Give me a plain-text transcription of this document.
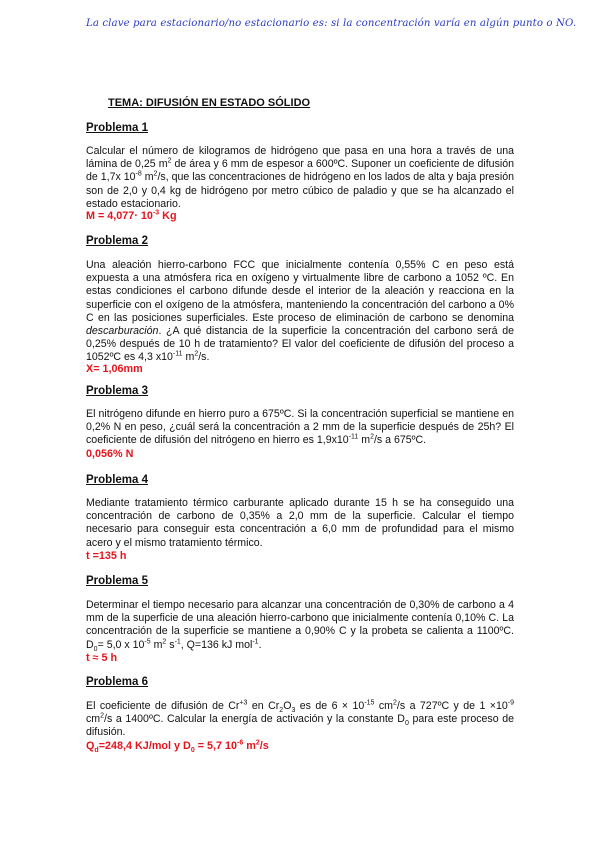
La clave para estacionario/no estacionario es: si la concentración varía en algún punto o NO.
TEMA: DIFUSIÓN EN ESTADO SÓLIDO
Problema 1
Calcular el número de kilogramos de hidrógeno que pasa en una hora a través de una lámina de 0,25 $m^2$ de área y 6 mm de espesor a 600ºC. Suponer un coeficiente de difusión de 1,7x $10^{-8}$ $m^2/s$, que las concentraciones de hidrógeno en los lados de alta y baja presión son de 2,0 y 0,4 kg de hidrógeno por metro cúbico de paladio y que se ha alcanzado el estado estacionario.
$M = 4,077\cdot 10^{-3}$ Kg
Problema 2
Una aleación hierro-carbono FCC que inicialmente contenía 0,55% C en peso está expuesta a una atmósfera rica en oxígeno y virtualmente libre de carbono a 1052 ºC. En estas condiciones el carbono difunde desde el interior de la aleación y reacciona en la superficie con el oxígeno de la atmósfera, manteniendo la concentración del carbono a 0% C en las posiciones superficiales. Este proceso de eliminación de carbono se denomina descarburación. ¿A qué distancia de la superficie la concentración del carbono será de 0,25% después de 10 h de tratamiento? El valor del coeficiente de difusión del proceso a 1052ºC es 4,3 $x10^{-11}$ $m^2/s$.
X= 1,06mm
Problema 3
El nitrógeno difunde en hierro puro a 675ºC. Si la concentración superficial se mantiene en 0,2% N en peso, ¿cuál será la concentración a 2 mm de la superficie después de 25h? El coeficiente de difusión del nitrógeno en hierro es $1,9x10^{-11}$ $m^2/s$ a 675ºC.
0,056% N
Problema 4
Mediante tratamiento térmico carburante aplicado durante 15 h se ha conseguido una concentración de carbono de 0,35% a 2,0 mm de la superficie. Calcular el tiempo necesario para conseguir esta concentración a 6,0 mm de profundidad para el mismo acero y el mismo tratamiento térmico.
t =135 h
Problema 5
Determinar el tiempo necesario para alcanzar una concentración de 0,30% de carbono a 4 mm de la superficie de una aleación hierro-carbono que inicialmente contenía 0,10% C. La concentración de la superficie se mantiene a 0,90% C y la probeta se calienta a 1100ºC. $D_0= 5,0$ x $10^{-5}$ $m^2$ $s^{-1}$, Q=136 kJ mol$^{-1}$.
t ≈ 5 h
Problema 6
El coeficiente de difusión de $Cr^{+3}$ en $Cr_2O_3$ es de $6 \times 10^{-15}$ $cm^2/s$ a 727ºC y de $1 \times 10^{-9}$ $cm^2/s$ a 1400ºC. Calcular la energía de activación y la constante $D_0$ para este proceso de difusión.
$Q_d=248,4$ KJ/mol y $D_0 = 5,7$ $10^{-6}$ $m^2/s$
